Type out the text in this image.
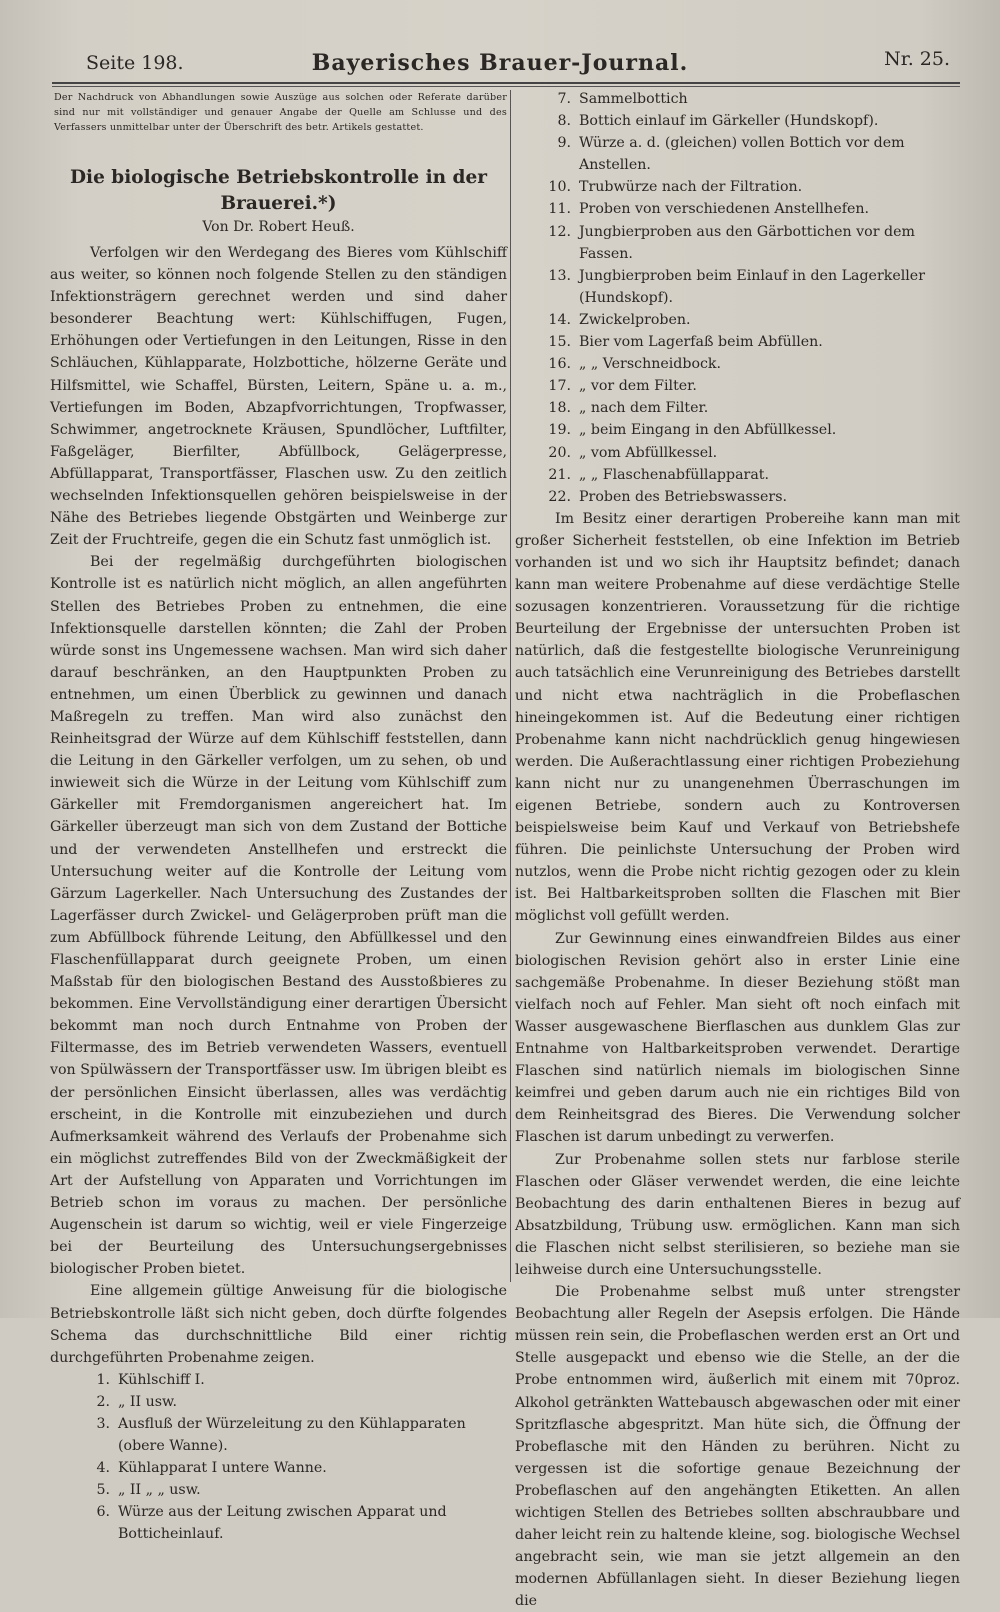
Seite 198.	Bayerisches Brauer-Journal.	Nr. 25.
Der Nachdruck von Abhandlungen sowie Auszüge aus solchen oder Referate darüber sind nur mit vollständiger und genauer Angabe der Quelle am Schlusse und des Verfassers unmittelbar unter der Überschrift des betr. Artikels gestattet.
Die biologische Betriebskontrolle in der Brauerei.*)
Von Dr. Robert Heuß.

Verfolgen wir den Werdegang des Bieres vom Kühlschiff aus weiter, so können noch folgende Stellen zu den ständigen Infektionsträgern gerechnet werden und sind daher besonderer Beachtung wert: Kühlschiffugen, Fugen, Erhöhungen oder Vertiefungen in den Leitungen, Risse in den Schläuchen, Kühlapparate, Holzbottiche, hölzerne Geräte und Hilfsmittel, wie Schaffel, Bürsten, Leitern, Späne u. a. m., Vertiefungen im Boden, Abzapfvorrichtungen, Tropfwasser, Schwimmer, angetrocknete Kräusen, Spundlöcher, Luftfilter, Faßgeläger, Bierfilter, Abfüllbock, Gelägerpresse, Abfüllapparat, Transportfässer, Flaschen usw. Zu den zeitlich wechselnden Infektionsquellen gehören beispielsweise in der Nähe des Betriebes liegende Obstgärten und Weinberge zur Zeit der Fruchtreife, gegen die ein Schutz fast unmöglich ist.

Bei der regelmäßig durchgeführten biologischen Kontrolle ist es natürlich nicht möglich, an allen angeführten Stellen des Betriebes Proben zu entnehmen, die eine Infektionsquelle darstellen könnten; die Zahl der Proben würde sonst ins Ungemessene wachsen. Man wird sich daher darauf beschränken, an den Hauptpunkten Proben zu entnehmen, um einen Überblick zu gewinnen und danach Maßregeln zu treffen. Man wird also zunächst den Reinheitsgrad der Würze auf dem Kühlschiff feststellen, dann die Leitung in den Gärkeller verfolgen, um zu sehen, ob und inwieweit sich die Würze in der Leitung vom Kühlschiff zum Gärkeller mit Fremdorganismen angereichert hat. Im Gärkeller überzeugt man sich von dem Zustand der Bottiche und der verwendeten Anstellhefen und erstreckt die Untersuchung weiter auf die Kontrolle der Leitung vom Gärzum Lagerkeller. Nach Untersuchung des Zustandes der Lagerfässer durch Zwickel- und Gelägerproben prüft man die zum Abfüllbock führende Leitung, den Abfüllkessel und den Flaschenfüllapparat durch geeignete Proben, um einen Maßstab für den biologischen Bestand des Ausstoßbieres zu bekommen. Eine Vervollständigung einer derartigen Übersicht bekommt man noch durch Entnahme von Proben der Filtermasse, des im Betrieb verwendeten Wassers, eventuell von Spülwässern der Transportfässer usw. Im übrigen bleibt es der persönlichen Einsicht überlassen, alles was verdächtig erscheint, in die Kontrolle mit einzubeziehen und durch Aufmerksamkeit während des Verlaufs der Probenahme sich ein möglichst zutreffendes Bild von der Zweckmäßigkeit der Art der Aufstellung von Apparaten und Vorrichtungen im Betrieb schon im voraus zu machen. Der persönliche Augenschein ist darum so wichtig, weil er viele Fingerzeige bei der Beurteilung des Untersuchungsergebnisses biologischer Proben bietet.

Eine allgemein gültige Anweisung für die biologische Betriebskontrolle läßt sich nicht geben, doch dürfte folgendes Schema das durchschnittliche Bild einer richtig durchgeführten Probenahme zeigen.

1. Kühlschiff I.
2. „ II usw.
3. Ausfluß der Würzeleitung zu den Kühlapparaten (obere Wanne).
4. Kühlapparat I untere Wanne.
5. „ II „ „ usw.
6. Würze aus der Leitung zwischen Apparat und Botticheinlauf.
7. Sammelbottich
8. Bottich einlauf im Gärkeller (Hundskopf).
9. Würze a. d. (gleichen) vollen Bottich vor dem Anstellen.
10. Trubwürze nach der Filtration.
11. Proben von verschiedenen Anstellhefen.
12. Jungbierproben aus den Gärbottichen vor dem Fassen.
13. Jungbierproben beim Einlauf in den Lagerkeller (Hundskopf).
14. Zwickelproben.
15. Bier vom Lagerfaß beim Abfüllen.
16. „ „ Verschneidbock.
17. „ vor dem Filter.
18. „ nach dem Filter.
19. „ beim Eingang in den Abfüllkessel.
20. „ vom Abfüllkessel.
21. „ „ Flaschenabfüllapparat.
22. Proben des Betriebswassers.

Im Besitz einer derartigen Probereihe kann man mit großer Sicherheit feststellen, ob eine Infektion im Betrieb vorhanden ist und wo sich ihr Hauptsitz befindet; danach kann man weitere Probenahme auf diese verdächtige Stelle sozusagen konzentrieren. Voraussetzung für die richtige Beurteilung der Ergebnisse der untersuchten Proben ist natürlich, daß die festgestellte biologische Verunreinigung auch tatsächlich eine Verunreinigung des Betriebes darstellt und nicht etwa nachträglich in die Probeflaschen hineingekommen ist. Auf die Bedeutung einer richtigen Probenahme kann nicht nachdrücklich genug hingewiesen werden. Die Außerachtlassung einer richtigen Probeziehung kann nicht nur zu unangenehmen Überraschungen im eigenen Betriebe, sondern auch zu Kontroversen beispielsweise beim Kauf und Verkauf von Betriebshefe führen. Die peinlichste Untersuchung der Proben wird nutzlos, wenn die Probe nicht richtig gezogen oder zu klein ist. Bei Haltbarkeitsproben sollten die Flaschen mit Bier möglichst voll gefüllt werden.

Zur Gewinnung eines einwandfreien Bildes aus einer biologischen Revision gehört also in erster Linie eine sachgemäße Probenahme. In dieser Beziehung stößt man vielfach noch auf Fehler. Man sieht oft noch einfach mit Wasser ausgewaschene Bierflaschen aus dunklem Glas zur Entnahme von Haltbarkeitsproben verwendet. Derartige Flaschen sind natürlich niemals im biologischen Sinne keimfrei und geben darum auch nie ein richtiges Bild von dem Reinheitsgrad des Bieres. Die Verwendung solcher Flaschen ist darum unbedingt zu verwerfen.

Zur Probenahme sollen stets nur farblose sterile Flaschen oder Gläser verwendet werden, die eine leichte Beobachtung des darin enthaltenen Bieres in bezug auf Absatzbildung, Trübung usw. ermöglichen. Kann man sich die Flaschen nicht selbst sterilisieren, so beziehe man sie leihweise durch eine Untersuchungsstelle.

Die Probenahme selbst muß unter strengster Beobachtung aller Regeln der Asepsis erfolgen. Die Hände müssen rein sein, die Probeflaschen werden erst an Ort und Stelle ausgepackt und ebenso wie die Stelle, an der die Probe entnommen wird, äußerlich mit einem mit 70proz. Alkohol getränkten Wattebausch abgewaschen oder mit einer Spritzflasche abgespritzt. Man hüte sich, die Öffnung der Probeflasche mit den Händen zu berühren. Nicht zu vergessen ist die sofortige genaue Bezeichnung der Probeflaschen auf den angehängten Etiketten. An allen wichtigen Stellen des Betriebes sollten abschraubbare und daher leicht rein zu haltende kleine, sog. biologische Wechsel angebracht sein, wie man sie jetzt allgemein an den modernen Abfüllanlagen sieht. In dieser Beziehung liegen die
